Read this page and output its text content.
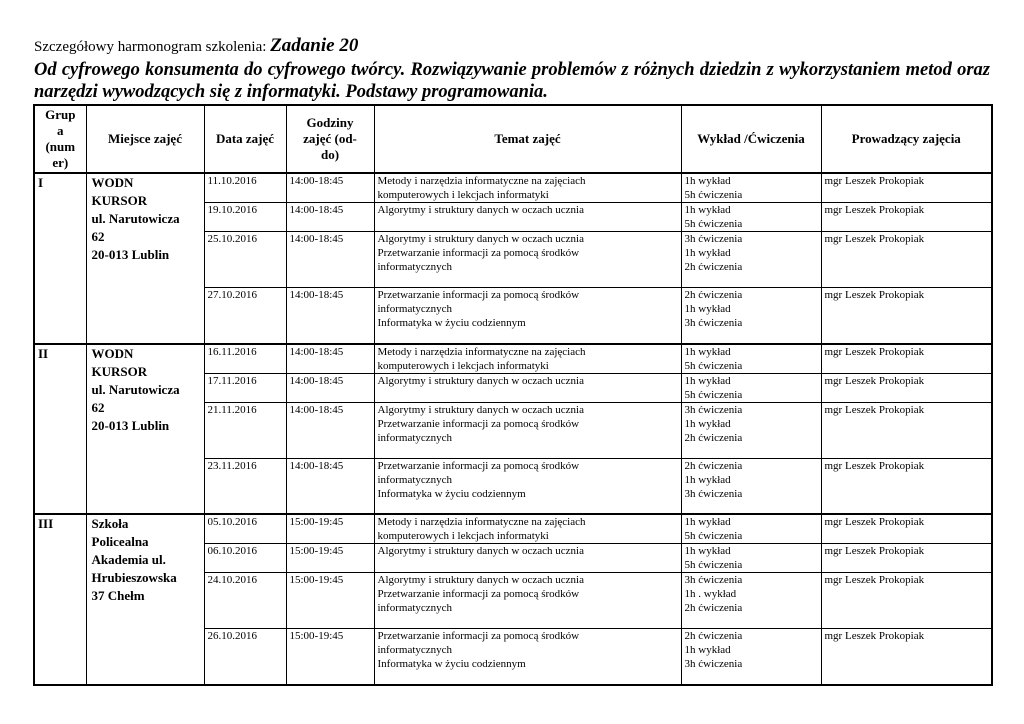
Szczegółowy harmonogram szkolenia: Zadanie 20
Od cyfrowego konsumenta do cyfrowego twórcy. Rozwiązywanie problemów z różnych dziedzin z wykorzystaniem metod oraz narzędzi wywodzących się z informatyki. Podstawy programowania.
Grup
a
(num
er)	Miejsce zajęć	Data zajęć	Godziny
zajęć (od-
do)	Temat zajęć	Wykład /Ćwiczenia	Prowadzący zajęcia
I	WODN
KURSOR
ul. Narutowicza
62
20-013 Lublin	11.10.2016	14:00-18:45	Metody i narzędzia informatyczne na zajęciach
komputerowych i lekcjach informatyki	1h wykład
5h ćwiczenia	mgr Leszek Prokopiak
		19.10.2016	14:00-18:45	Algorytmy i struktury danych w oczach ucznia	1h wykład
5h ćwiczenia	mgr Leszek Prokopiak
		25.10.2016	14:00-18:45	Algorytmy i struktury danych w oczach ucznia
Przetwarzanie informacji za pomocą środków
informatycznych	3h ćwiczenia
1h wykład
2h ćwiczenia	mgr Leszek Prokopiak
		27.10.2016	14:00-18:45	Przetwarzanie informacji za pomocą środków
informatycznych
Informatyka w życiu codziennym	2h ćwiczenia
1h wykład
3h ćwiczenia	mgr Leszek Prokopiak
II	WODN
KURSOR
ul. Narutowicza
62
20-013 Lublin	16.11.2016	14:00-18:45	Metody i narzędzia informatyczne na zajęciach
komputerowych i lekcjach informatyki	1h wykład
5h ćwiczenia	mgr Leszek Prokopiak
		17.11.2016	14:00-18:45	Algorytmy i struktury danych w oczach ucznia	1h wykład
5h ćwiczenia	mgr Leszek Prokopiak
		21.11.2016	14:00-18:45	Algorytmy i struktury danych w oczach ucznia
Przetwarzanie informacji za pomocą środków
informatycznych	3h ćwiczenia
1h wykład
2h ćwiczenia	mgr Leszek Prokopiak
		23.11.2016	14:00-18:45	Przetwarzanie informacji za pomocą środków
informatycznych
Informatyka w życiu codziennym	2h ćwiczenia
1h wykład
3h ćwiczenia	mgr Leszek Prokopiak
III	Szkoła
Policealna
Akademia ul.
Hrubieszowska
37 Chełm	05.10.2016	15:00-19:45	Metody i narzędzia informatyczne na zajęciach
komputerowych i lekcjach informatyki	1h wykład
5h ćwiczenia	mgr Leszek Prokopiak
		06.10.2016	15:00-19:45	Algorytmy i struktury danych w oczach ucznia	1h wykład
5h ćwiczenia	mgr Leszek Prokopiak
		24.10.2016	15:00-19:45	Algorytmy i struktury danych w oczach ucznia
Przetwarzanie informacji za pomocą środków
informatycznych	3h ćwiczenia
1h . wykład
2h ćwiczenia	mgr Leszek Prokopiak
		26.10.2016	15:00-19:45	Przetwarzanie informacji za pomocą środków
informatycznych
Informatyka w życiu codziennym	2h ćwiczenia
1h wykład
3h ćwiczenia	mgr Leszek Prokopiak
